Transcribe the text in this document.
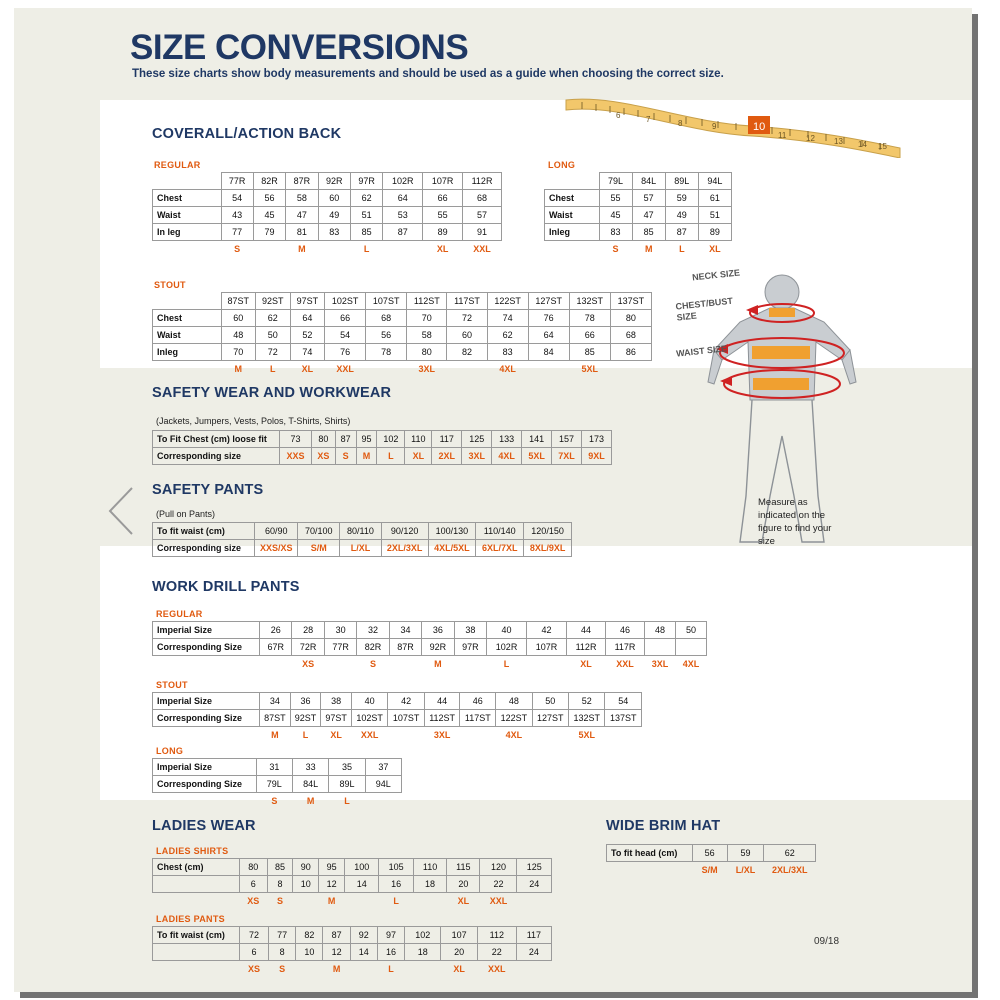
SIZE CONVERSIONS
These size charts show body measurements and should be used as a guide when choosing the correct size.
10
6	7	8	9
11 12 13 14 15
COVERALL/ACTION BACK
REGULAR
	77R	82R	87R	92R	97R	102R	107R	112R
Chest	54	56	58	60	62	64	66	68
Waist	43	45	47	49	51	53	55	57
In leg	77	79	81	83	85	87	89	91
	S		M		L		XL	XXL
LONG
	79L	84L	89L	94L
Chest	55	57	59	61
Waist	45	47	49	51
Inleg	83	85	87	89
	S	M	L	XL
STOUT
	87ST	92ST	97ST	102ST	107ST	112ST	117ST	122ST	127ST	132ST	137ST
Chest	60	62	64	66	68	70	72	74	76	78	80
Waist	48	50	52	54	56	58	60	62	64	66	68
Inleg	70	72	74	76	78	80	82	83	84	85	86
	M	L	XL	XXL		3XL		4XL		5XL	
SAFETY WEAR AND WORKWEAR
(Jackets, Jumpers, Vests, Polos, T-Shirts, Shirts)
To Fit Chest (cm) loose fit	73	80	87	95	102	110	117	125	133	141	157	173
Corresponding size	XXS	XS	S	M	L	XL	2XL	3XL	4XL	5XL	7XL	9XL
SAFETY PANTS
(Pull on Pants)
To fit waist (cm)	60/90	70/100	80/110	90/120	100/130	110/140	120/150
Corresponding size	XXS/XS	S/M	L/XL	2XL/3XL	4XL/5XL	6XL/7XL	8XL/9XL
NECK SIZE
CHEST/BUST SIZE
WAIST SIZE
Measure as indicated on the figure to find your size
WORK DRILL PANTS
REGULAR
Imperial Size	26	28	30	32	34	36	38	40	42	44	46	48	50
Corresponding Size	67R	72R	77R	82R	87R	92R	97R	102R	107R	112R	117R		
		XS		S		M		L		XL	XXL	3XL	4XL
STOUT
Imperial Size	34	36	38	40	42	44	46	48	50	52	54
Corresponding Size	87ST	92ST	97ST	102ST	107ST	112ST	117ST	122ST	127ST	132ST	137ST
	M	L	XL	XXL		3XL		4XL		5XL	
LONG
Imperial Size	31	33	35	37
Corresponding Size	79L	84L	89L	94L
	S	M	L	
LADIES WEAR
LADIES SHIRTS
Chest (cm)	80	85	90	95	100	105	110	115	120	125
	6	8	10	12	14	16	18	20	22	24
	XS	S		M		L		XL	XXL	
LADIES PANTS
To fit waist (cm)	72	77	82	87	92	97	102	107	112	117
	6	8	10	12	14	16	18	20	22	24
	XS	S		M		L		XL	XXL	
WIDE BRIM HAT
To fit head (cm)	56	59	62
	S/M	L/XL	2XL/3XL
09/18
